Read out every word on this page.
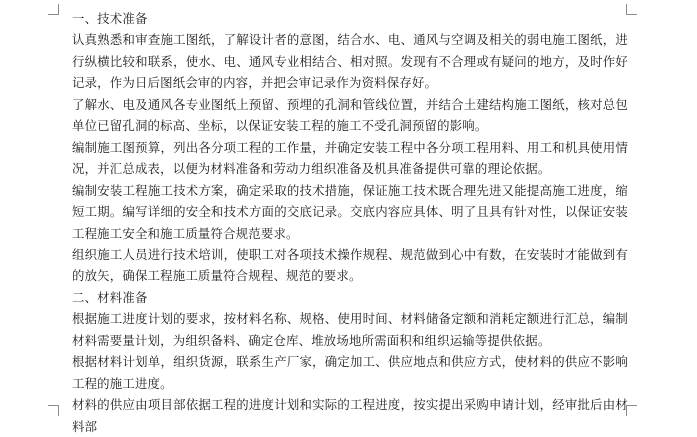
一、技术准备

认真熟悉和审查施工图纸，了解设计者的意图，结合水、电、通风与空调及相关的弱电施工图纸，进行纵横比较和联系，使水、电、通风专业相结合、相对照。发现有不合理或有疑问的地方，及时作好记录，作为日后图纸会审的内容，并把会审记录作为资料保存好。

了解水、电及通风各专业图纸上预留、预埋的孔洞和管线位置，并结合土建结构施工图纸，核对总包单位已留孔洞的标高、坐标，以保证安装工程的施工不受孔洞预留的影响。

编制施工图预算，列出各分项工程的工作量，并确定安装工程中各分项工程用料、用工和机具使用情况，并汇总成表，以便为材料准备和劳动力组织准备及机具准备提供可靠的理论依据。

编制安装工程施工技术方案，确定采取的技术措施，保证施工技术既合理先进又能提高施工进度，缩短工期。编写详细的安全和技术方面的交底记录。交底内容应具体、明了且具有针对性，以保证安装工程施工安全和施工质量符合规范要求。

组织施工人员进行技术培训，使职工对各项技术操作规程、规范做到心中有数，在安装时才能做到有的放矢，确保工程施工质量符合规程、规范的要求。

二、材料准备

根据施工进度计划的要求，按材料名称、规格、使用时间、材料储备定额和消耗定额进行汇总，编制材料需要量计划，为组织备料、确定仓库、堆放场地所需面积和组织运输等提供依据。

根据材料计划单，组织货源，联系生产厂家，确定加工、供应地点和供应方式，使材料的供应不影响工程的施工进度。

材料的供应由项目部依据工程的进度计划和实际的工程进度，按实提出采购申请计划，经审批后由材料部
